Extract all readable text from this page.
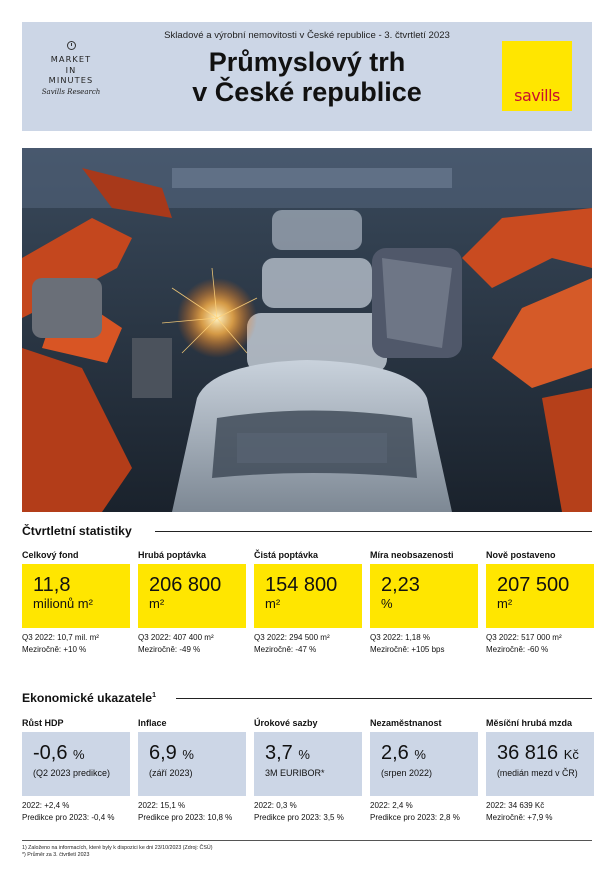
MARKET
IN
MINUTES
Savills Research
Skladové a výrobní nemovitosti v České republice - 3. čtvrtletí 2023
Průmyslový trh
v České republice	savills
Čtvrtletní statistiky
Celkový fond
11,8
milionů m²
Q3 2022: 10,7 mil. m²
Meziročně: +10 %
Hrubá poptávka
206 800
m²
Q3 2022: 407 400 m²
Meziročně: -49 %
Čistá poptávka
154 800
m²
Q3 2022: 294 500 m²
Meziročně: -47 %
Míra neobsazenosti
2,23
%
Q3 2022: 1,18 %
Meziročně: +105 bps
Nově postaveno
207 500
m²
Q3 2022: 517 000 m²
Meziročně: -60 %
Ekonomické ukazatele$^1$
Růst HDP
-0,6 %
(Q2 2023 predikce)
2022: +2,4 %
Predikce pro 2023: -0,4 %
Inflace
6,9 %
(září 2023)
2022: 15,1 %
Predikce pro 2023: 10,8 %
Úrokové sazby
3,7 %
3M EURIBOR*
2022: 0,3 %
Predikce pro 2023: 3,5 %
Nezaměstnanost
2,6 %
(srpen 2022)
2022: 2,4 %
Predikce pro 2023: 2,8 %
Měsíční hrubá mzda
36 816 Kč
(medián mezd v ČR)
2022: 34 639 Kč
Meziročně: +7,9 %
1) Založeno na informacích, které byly k dispozici ke dni 23/10/2023 (Zdroj: ČSÚ)
*) Průměr za 3. čtvrtletí 2023
